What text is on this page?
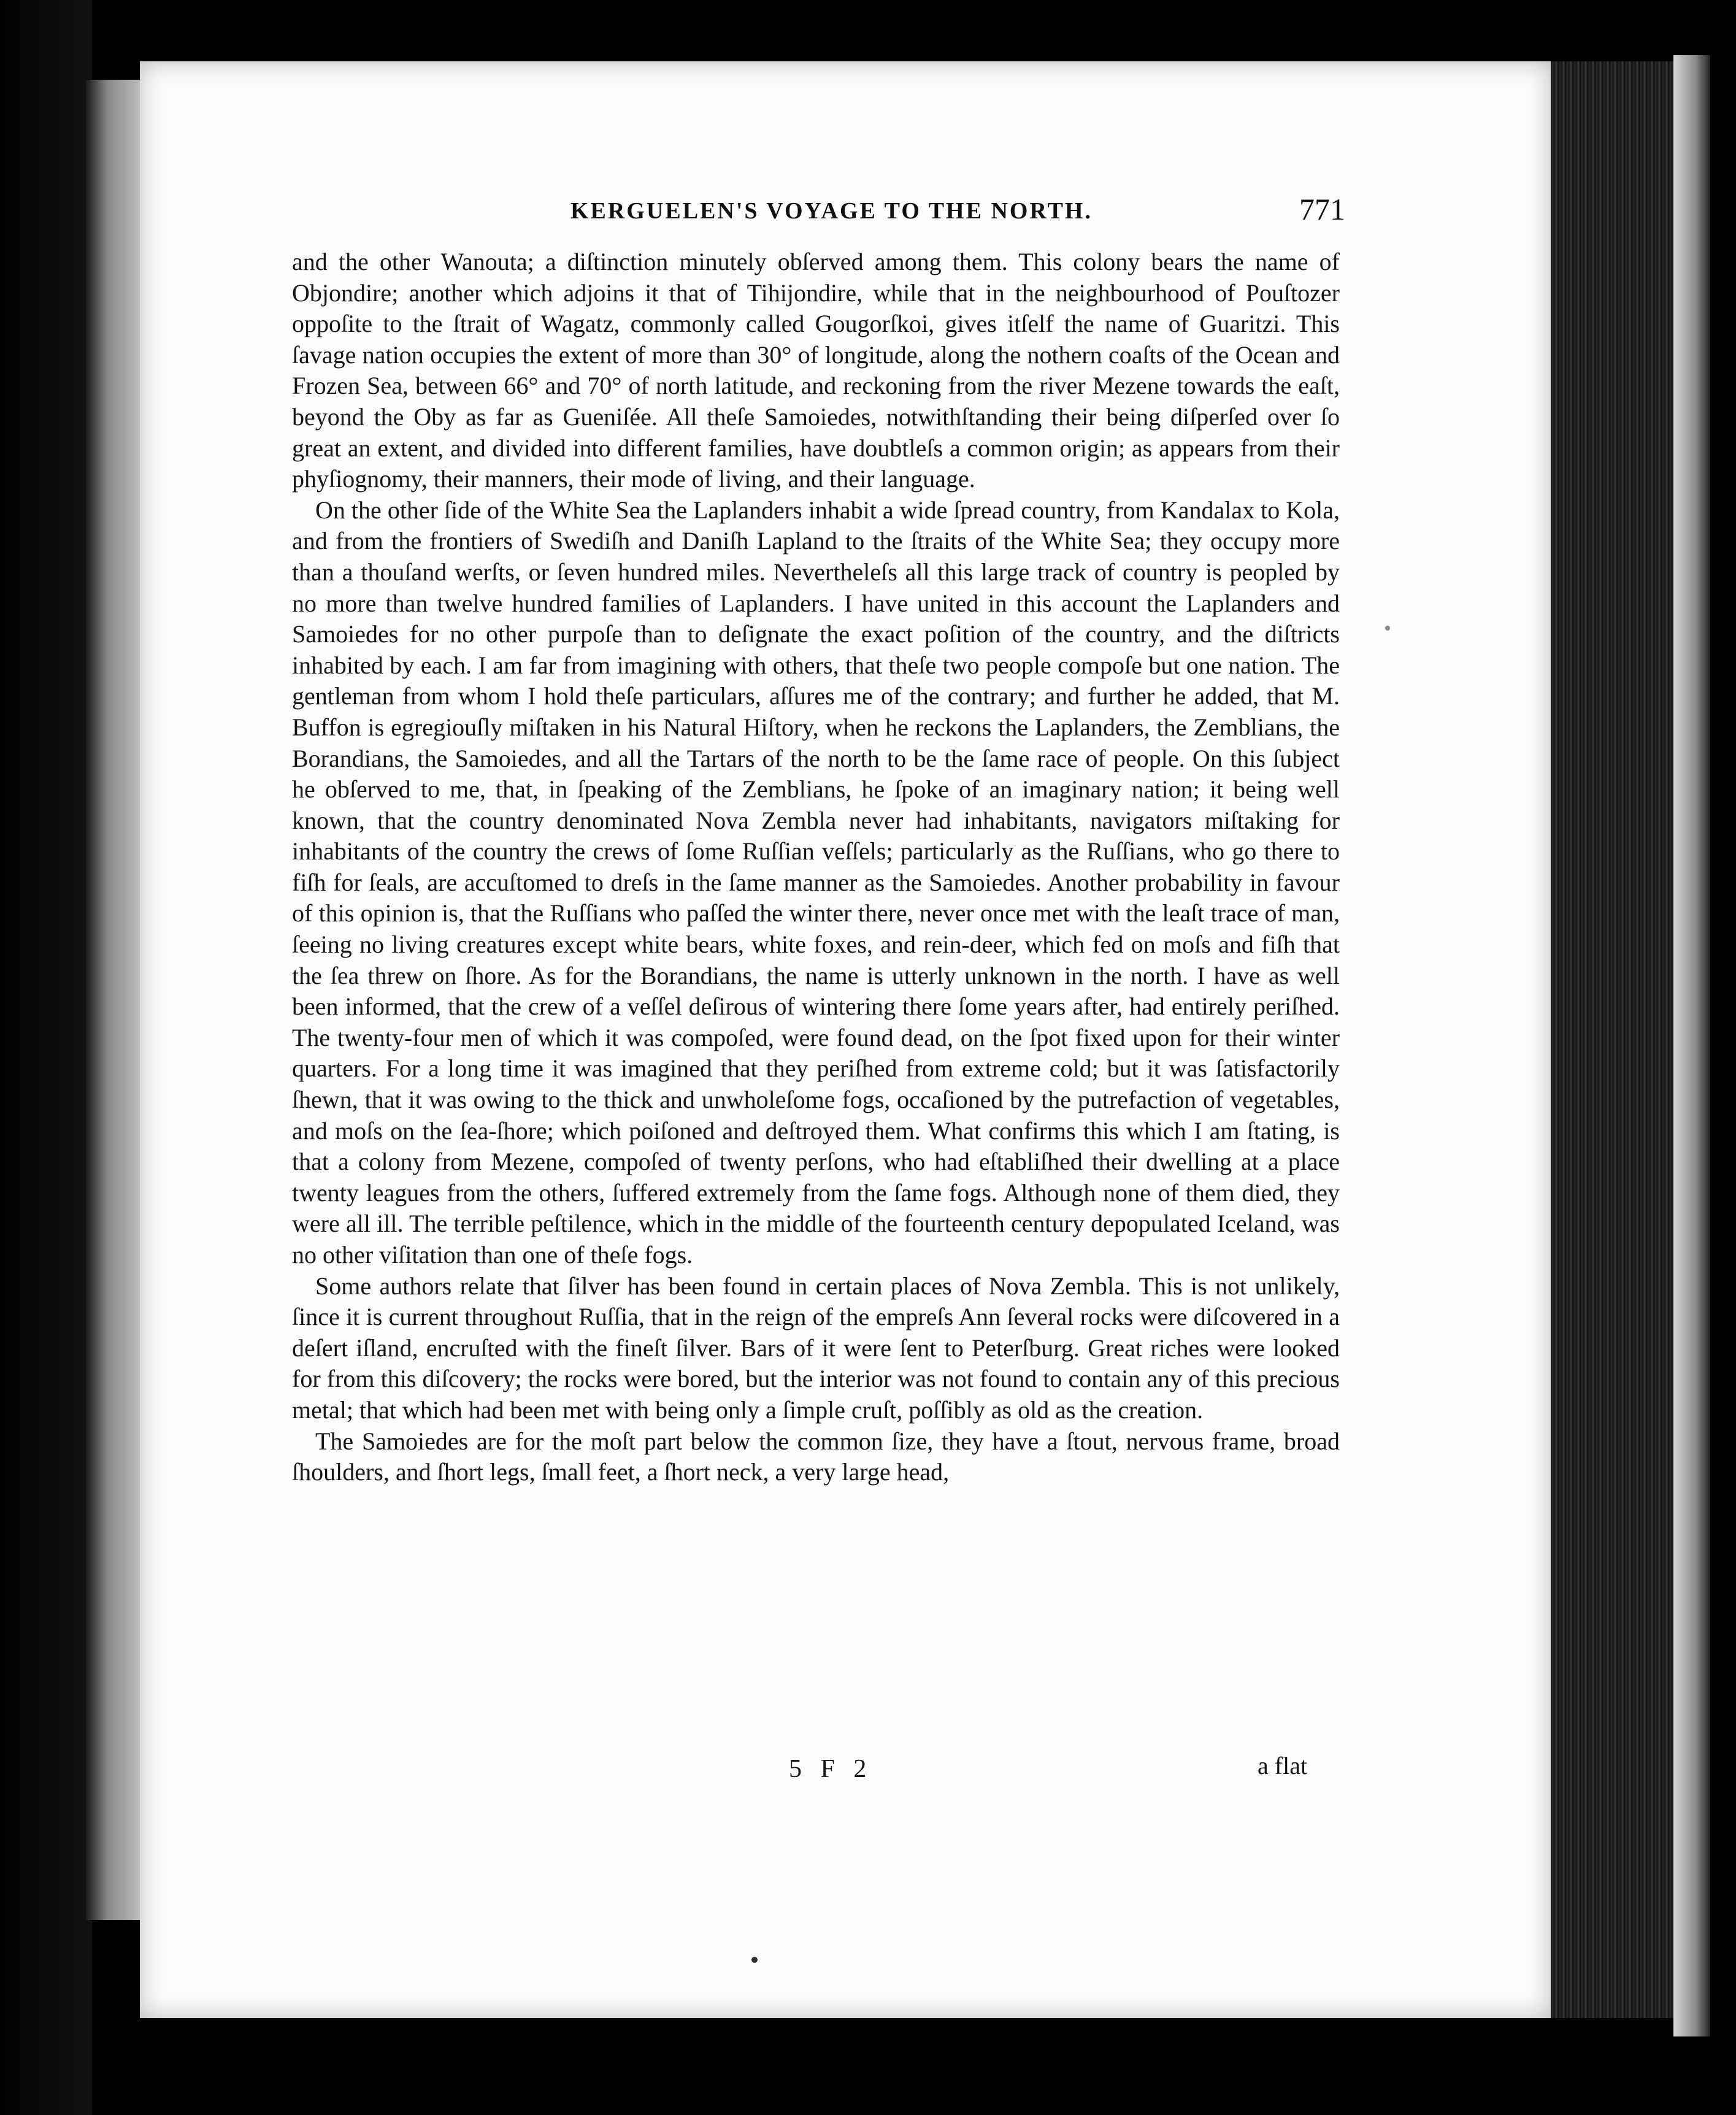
KERGUELEN'S VOYAGE TO THE NORTH.	771

and the other Wanouta; a diſtinction minutely obſerved among them. This colony bears the name of Objondire; another which adjoins it that of Tihijondire, while that in the neighbourhood of Pouſtozer oppoſite to the ſtrait of Wagatz, commonly called Gougorſkoi, gives itſelf the name of Guaritzi. This ſavage nation occupies the extent of more than 30° of longitude, along the nothern coaſts of the Ocean and Frozen Sea, between 66° and 70° of north latitude, and reckoning from the river Mezene towards the eaſt, beyond the Oby as far as Gueniſée. All theſe Samoiedes, notwithſtanding their being diſperſed over ſo great an extent, and divided into different families, have doubtleſs a common origin; as appears from their phyſiognomy, their manners, their mode of living, and their language.

On the other ſide of the White Sea the Laplanders inhabit a wide ſpread country, from Kandalax to Kola, and from the frontiers of Swediſh and Daniſh Lapland to the ſtraits of the White Sea; they occupy more than a thouſand werſts, or ſeven hundred miles. Neverthelеſs all this large track of country is peopled by no more than twelve hundred families of Laplanders. I have united in this account the Laplanders and Samoiedes for no other purpoſe than to deſignate the exact poſition of the country, and the diſtricts inhabited by each. I am far from imagining with others, that theſe two people compoſe but one nation. The gentleman from whom I hold theſe particulars, aſſures me of the contrary; and further he added, that M. Buffon is egregiouſly miſtaken in his Natural Hiſtory, when he reckons the Laplanders, the Zemblians, the Borandians, the Samoiedes, and all the Tartars of the north to be the ſame race of people. On this ſubject he obſerved to me, that, in ſpeaking of the Zemblians, he ſpoke of an imaginary nation; it being well known, that the country denominated Nova Zembla never had inhabitants, navigators miſtaking for inhabitants of the country the crews of ſome Ruſſian veſſels; particularly as the Ruſſians, who go there to fiſh for ſeals, are accuſtomed to dreſs in the ſame manner as the Samoiedes. Another probability in favour of this opinion is, that the Ruſſians who paſſed the winter there, never once met with the leaſt trace of man, ſeeing no living creatures except white bears, white foxes, and rein-deer, which fed on moſs and fiſh that the ſea threw on ſhore. As for the Borandians, the name is utterly unknown in the north. I have as well been informed, that the crew of a veſſel deſirous of wintering there ſome years after, had entirely periſhed. The twenty-four men of which it was compoſed, were found dead, on the ſpot fixed upon for their winter quarters. For a long time it was imagined that they periſhed from extreme cold; but it was ſatisfactorily ſhewn, that it was owing to the thick and unwholeſome fogs, occaſioned by the putrefaction of vegetables, and moſs on the ſea-ſhore; which poiſoned and deſtroyed them. What confirms this which I am ſtating, is that a colony from Mezene, compoſed of twenty perſons, who had eſtabliſhed their dwelling at a place twenty leagues from the others, ſuffered extremely from the ſame fogs. Although none of them died, they were all ill. The terrible peſtilence, which in the middle of the fourteenth century depopulated Iceland, was no other viſitation than one of theſe fogs.

Some authors relate that ſilver has been found in certain places of Nova Zembla. This is not unlikely, ſince it is current throughout Ruſſia, that in the reign of the empreſs Ann ſeveral rocks were diſcovered in a deſert iſland, encruſted with the fineſt ſilver. Bars of it were ſent to Peterſburg. Great riches were looked for from this diſcovery; the rocks were bored, but the interior was not found to contain any of this precious metal; that which had been met with being only a ſimple cruſt, poſſibly as old as the creation.

The Samoiedes are for the moſt part below the common ſize, they have a ſtout, nervous frame, broad ſhoulders, and ſhort legs, ſmall feet, a ſhort neck, a very large head,

5 F 2	a flat
